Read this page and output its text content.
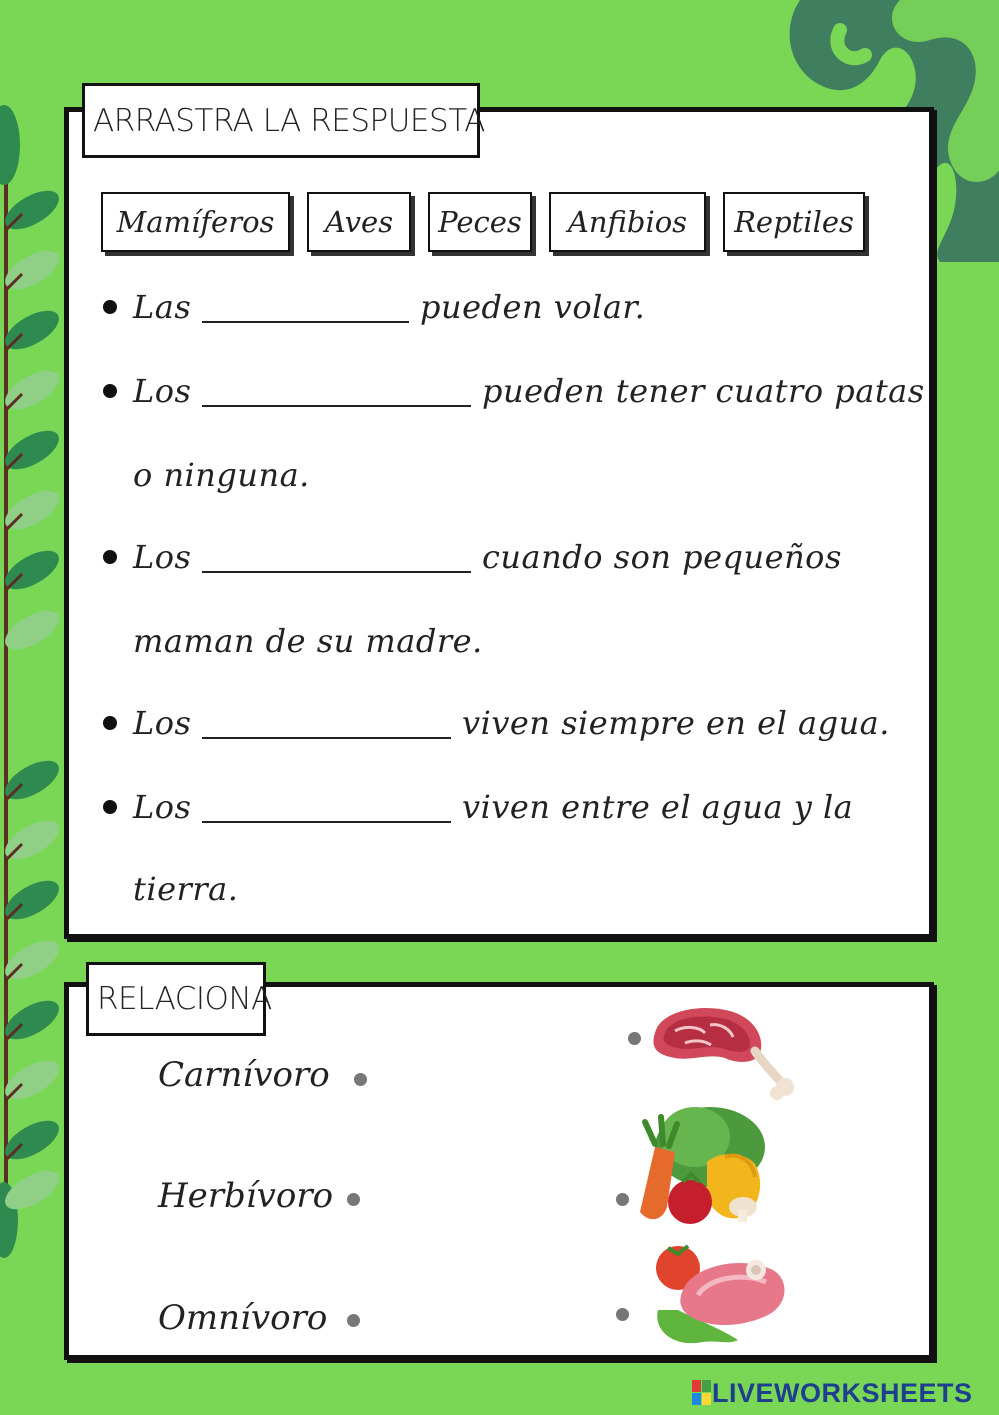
ARRASTRA LA RESPUESTA
Mamíferos	Aves	Peces	Anfibios	Reptiles
Las	pueden volar.
Los	pueden tener cuatro patas
o ninguna.
Los	cuando son pequeños
maman de su madre.
Los	viven siempre en el agua.
Los	viven entre el agua y la
tierra.
RELACIONA
Carnívoro
Herbívoro
Omnívoro
LIVEWORKSHEETS
